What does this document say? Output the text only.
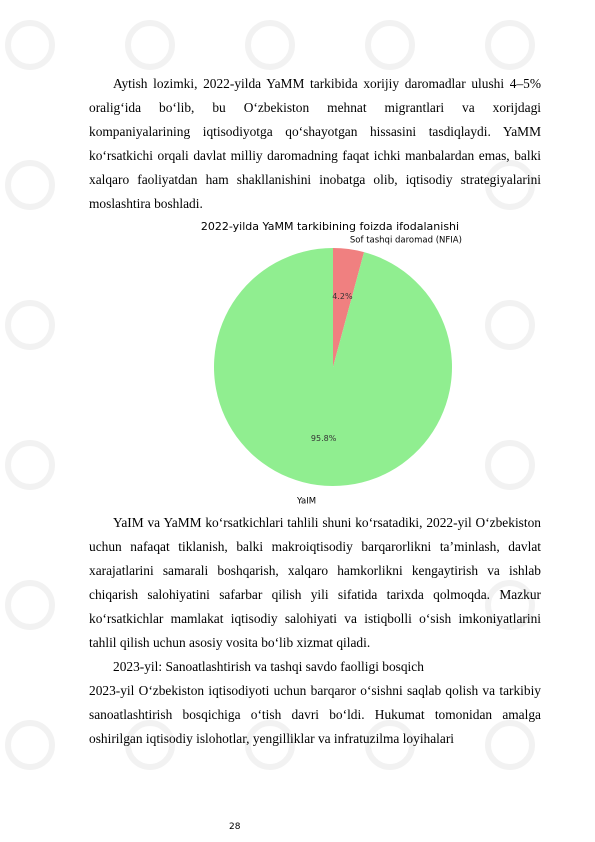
Aytish lozimki, 2022-yilda YaMM tarkibida xorijiy daromadlar ulushi 4–5% oralig‘ida bo‘lib, bu O‘zbekiston mehnat migrantlari va xorijdagi kompaniyalarining iqtisodiyotga qo‘shayotgan hissasini tasdiqlaydi. YaMM ko‘rsatkichi orqali davlat milliy daromadning faqat ichki manbalardan emas, balki xalqaro faoliyatdan ham shakllanishini inobatga olib, iqtisodiy strategiyalarini moslashtira boshladi.

2022-yilda YaMM tarkibining foizda ifodalanishi
4.2%
Sof tashqi daromad (NFIA)
95.8%
YaIM

YaIM va YaMM ko‘rsatkichlari tahlili shuni ko‘rsatadiki, 2022-yil O‘zbekiston uchun nafaqat tiklanish, balki makroiqtisodiy barqarorlikni ta’minlash, davlat xarajatlarini samarali boshqarish, xalqaro hamkorlikni kengaytirish va ishlab chiqarish salohiyatini safarbar qilish yili sifatida tarixda qolmoqda. Mazkur ko‘rsatkichlar mamlakat iqtisodiy salohiyati va istiqbolli o‘sish imkoniyatlarini tahlil qilish uchun asosiy vosita bo‘lib xizmat qiladi.

2023-yil: Sanoatlashtirish va tashqi savdo faolligi bosqich

2023-yil O‘zbekiston iqtisodiyoti uchun barqaror o‘sishni saqlab qolish va tarkibiy sanoatlashtirish bosqichiga o‘tish davri bo‘ldi. Hukumat tomonidan amalga oshirilgan iqtisodiy islohotlar, yengilliklar va infratuzilma loyihalari

28
